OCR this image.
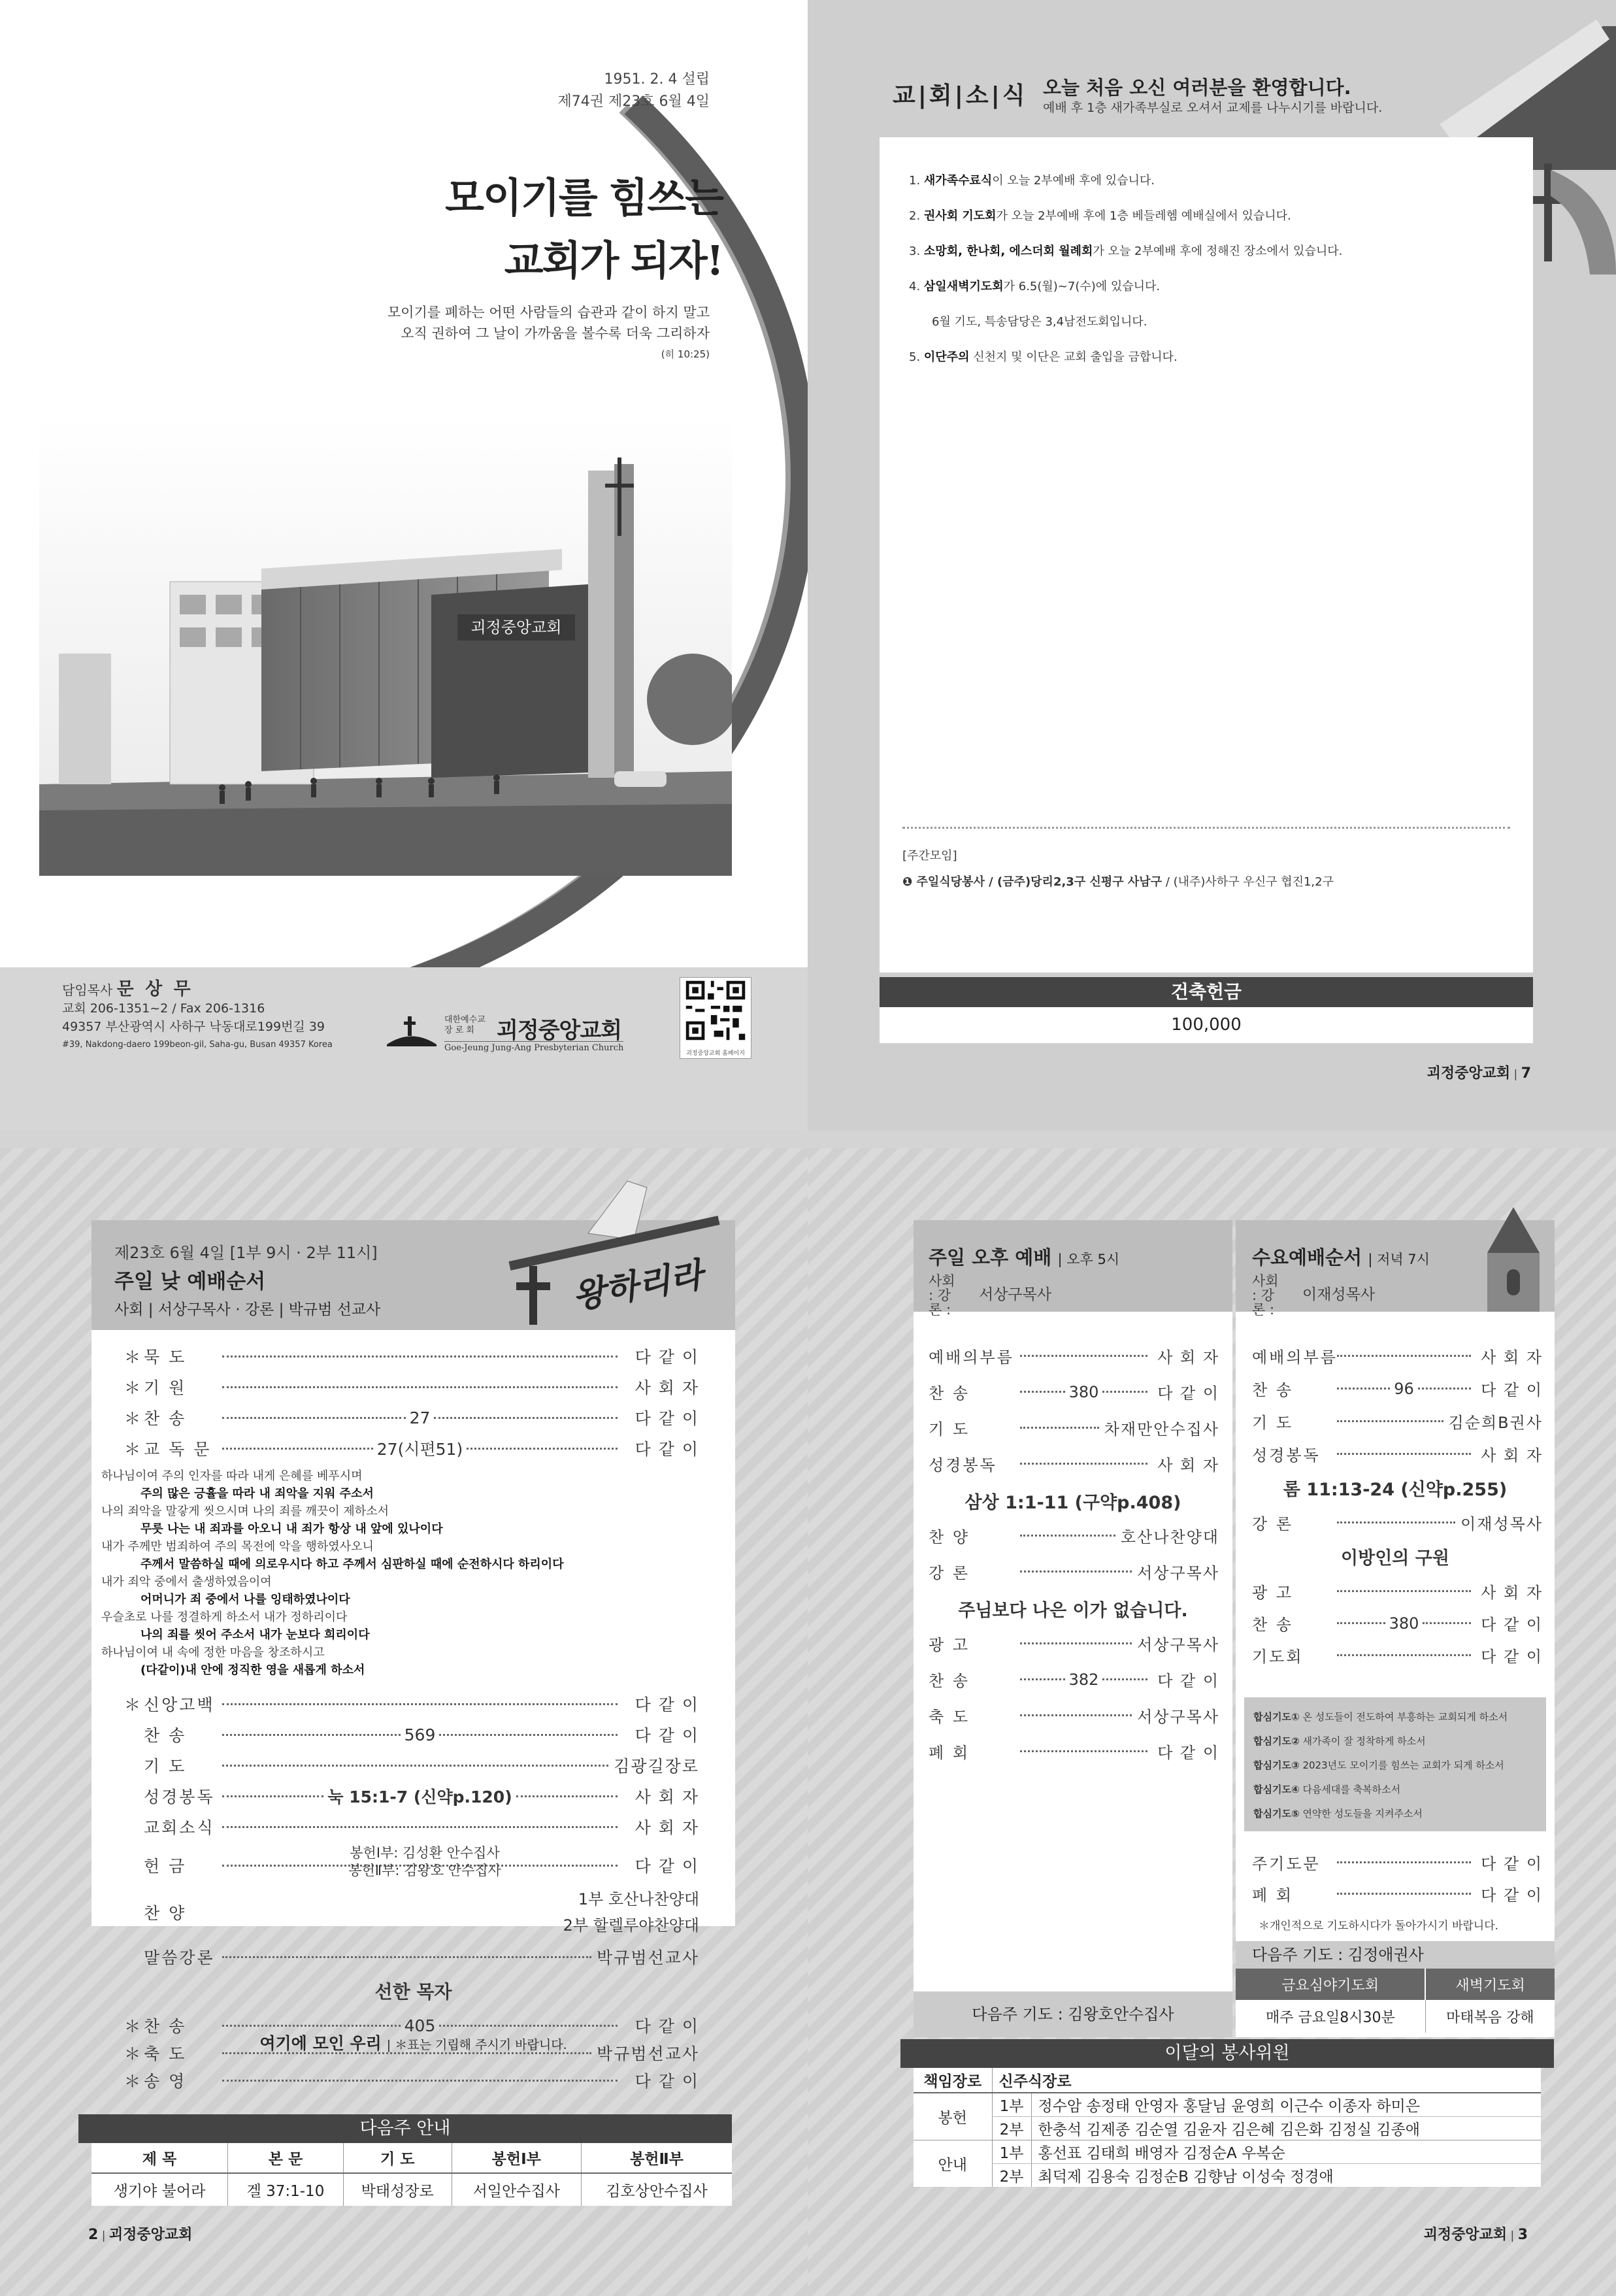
1951. 2. 4 설립
제74권 제23호 6월 4일
모이기를 힘쓰는
교회가 되자!
모이기를 폐하는 어떤 사람들의 습관과 같이 하지 말고
오직 권하여 그 날이 가까움을 볼수록 더욱 그리하자
(히 10:25)
괴정중앙교회
담임목사 문 상 무
교회 206-1351~2 / Fax 206-1316
49357 부산광역시 사하구 낙동대로199번길 39
#39, Nakdong-daero 199beon-gil, Saha-gu, Busan 49357 Korea
대한예수교
장 로 회	괴정중앙교회
Goe-Jeung Jung-Ang Presbyterian Church
괴정중앙교회 홈페이지
교|회|소|식 오늘 처음 오신 여러분을 환영합니다.
예배 후 1층 새가족부실로 오셔서 교제를 나누시기를 바랍니다.
1. 새가족수료식이 오늘 2부예배 후에 있습니다.
2. 권사회 기도회가 오늘 2부예배 후에 1층 베들레헴 예배실에서 있습니다.
3. 소망회, 한나회, 에스더회 월례회가 오늘 2부예배 후에 정해진 장소에서 있습니다.
4. 삼일새벽기도회가 6.5(월)~7(수)에 있습니다.
6월 기도, 특송담당은 3,4남전도회입니다.
5. 이단주의 신천지 및 이단은 교회 출입을 금합니다.
[주간모임]
❶ 주일식당봉사 / (금주)당리2,3구 신평구 사남구 / (내주)사하구 우신구 협진1,2구
건축헌금
100,000
괴정중앙교회 | 7
왕하리라
제23호 6월 4일 [1부 9시 · 2부 11시]
주일 낮 예배순서
사회 | 서상구목사 · 강론 | 박규범 선교사
여기에 모인 우리 | ＊표는 기립해 주시기 바랍니다.
다음주 안내
제 목	본 문	기 도	봉헌Ⅰ부	봉헌Ⅱ부
생기야 불어라	겔 37:1-10	박태성장로	서일안수집사	김호상안수집사
2 | 괴정중앙교회
＊ 묵 도	다 같 이
＊ 기 원	사 회 자
＊ 찬 송	27	다 같 이
＊ 교 독 문	27(시편51)	다 같 이
하나님이여 주의 인자를 따라 내게 은혜를 베푸시며
주의 많은 긍휼을 따라 내 죄악을 지워 주소서
나의 죄악을 말갛게 씻으시며 나의 죄를 깨끗이 제하소서
무릇 나는 내 죄과를 아오니 내 죄가 항상 내 앞에 있나이다
내가 주께만 범죄하여 주의 목전에 악을 행하였사오니
주께서 말씀하실 때에 의로우시다 하고 주께서 심판하실 때에 순전하시다 하리이다
내가 죄악 중에서 출생하였음이여
어머니가 죄 중에서 나를 잉태하였나이다
우슬초로 나를 정결하게 하소서 내가 정하리이다
나의 죄를 씻어 주소서 내가 눈보다 희리이다
하나님이여 내 속에 정한 마음을 창조하시고
(다같이)내 안에 정직한 영을 새롭게 하소서
＊ 신앙고백	다 같 이
찬 송	569	다 같 이
기 도	김광길장로
성경봉독	눅 15:1-7 (신약p.120)	사 회 자
교회소식	사 회 자
헌 금	다 같 이
봉헌Ⅰ부: 김성환 안수집사
봉헌Ⅱ부: 김왕호 안수집사
찬 양
1부 호산나찬양대
2부 할렐루야찬양대
말씀강론	박규범선교사
선한 목자
＊ 찬 송	405	다 같 이
＊ 축 도	박규범선교사
＊ 송 영	다 같 이
주일 오후 예배 | 오후 5시
사회 : 강론 :
서상구목사
다음주 기도 : 김왕호안수집사
수요예배순서 | 저녁 7시
사회 : 강론 :
이재성목사
합심기도① 온 성도들이 전도하여 부흥하는 교회되게 하소서
합심기도② 새가족이 잘 정착하게 하소서
합심기도③ 2023년도 모이기를 힘쓰는 교회가 되게 하소서
합심기도④ 다음세대를 축복하소서
합심기도⑤ 연약한 성도들을 지켜주소서
＊개인적으로 기도하시다가 돌아가시기 바랍니다.
다음주 기도 : 김정애권사
금요심야기도회	새벽기도회
매주 금요일8시30분	마태복음 강해
이달의 봉사위원
책임장로	신주식장로	
봉헌	1부	정수암 송정태 안영자 홍달님 윤영희 이근수 이종자 하미은
	2부	한충석 김제종 김순열 김윤자 김은혜 김은화 김정실 김종애
안내	1부	홍선표 김태희 배영자 김정순A 우복순
	2부	최덕제 김용숙 김정순B 김향남 이성숙 정경애
괴정중앙교회 | 3
예배의부름	사 회 자
찬 송	380	다 같 이
기 도	차재만안수집사
성경봉독	사 회 자
삼상 1:1-11 (구약p.408)
찬 양	호산나찬양대
강 론	서상구목사
주님보다 나은 이가 없습니다.
광 고	서상구목사
찬 송	382	다 같 이
축 도	서상구목사
폐 회	다 같 이
예배의부름	사 회 자
찬 송	96	다 같 이
기 도	김순희B권사
성경봉독	사 회 자
롬 11:13-24 (신약p.255)
강 론	이재성목사
이방인의 구원
광 고	사 회 자
찬 송	380	다 같 이
기도회	다 같 이
주기도문	다 같 이
폐 회	다 같 이
